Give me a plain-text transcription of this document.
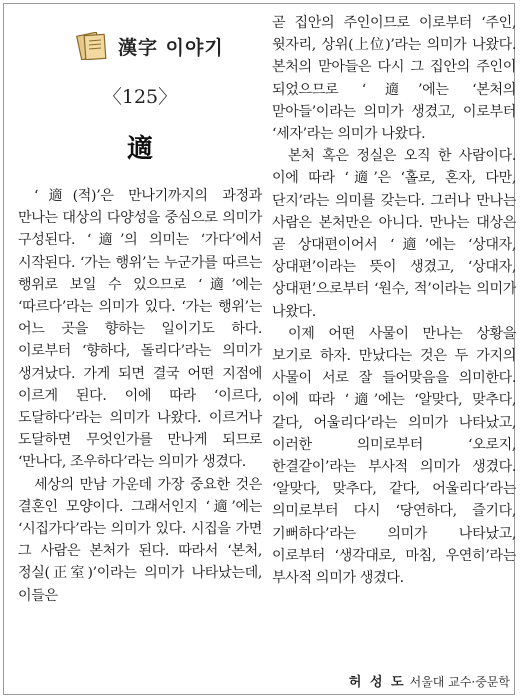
漢字 이야기
〈125〉
適

‘適(적)’은 만나기까지의 과정과 만나는 대상의 다양성을 중심으로 의미가 구성된다. ‘適’의 의미는 ‘가다’에서 시작된다. ‘가는 행위’는 누군가를 따르는 행위로 보일 수 있으므로 ‘適’에는 ‘따르다’라는 의미가 있다. ‘가는 행위’는 어느 곳을 향하는 일이기도 하다. 이로부터 ‘향하다, 돌리다’라는 의미가 생겨났다. 가게 되면 결국 어떤 지점에 이르게 된다. 이에 따라 ‘이르다, 도달하다’라는 의미가 나왔다. 이르거나 도달하면 무엇인가를 만나게 되므로 ‘만나다, 조우하다’라는 의미가 생겼다.

세상의 만남 가운데 가장 중요한 것은 결혼인 모양이다. 그래서인지 ‘適’에는 ‘시집가다’라는 의미가 있다. 시집을 가면 그 사람은 본처가 된다. 따라서 ‘본처, 정실(正室)’이라는 의미가 나타났는데, 이들은

곧 집안의 주인이므로 이로부터 ‘주인, 윗자리, 상위(上位)’라는 의미가 나왔다. 본처의 맏아들은 다시 그 집안의 주인이 되었으므로 ‘適’에는 ‘본처의 맏아들’이라는 의미가 생겼고, 이로부터 ‘세자’라는 의미가 나왔다.

본처 혹은 정실은 오직 한 사람이다. 이에 따라 ‘適’은 ‘홀로, 혼자, 다만, 단지’라는 의미를 갖는다. 그러나 만나는 사람은 본처만은 아니다. 만나는 대상은 곧 상대편이어서 ‘適’에는 ‘상대자, 상대편’이라는 뜻이 생겼고, ‘상대자, 상대편’으로부터 ‘원수, 적’이라는 의미가 나왔다.

이제 어떤 사물이 만나는 상황을 보기로 하자. 만났다는 것은 두 가지의 사물이 서로 잘 들어맞음을 의미한다. 이에 따라 ‘適’에는 ‘알맞다, 맞추다, 같다, 어울리다’라는 의미가 나타났고, 이러한 의미로부터 ‘오로지, 한결같이’라는 부사적 의미가 생겼다. ‘알맞다, 맞추다, 같다, 어울리다’라는 의미로부터 다시 ‘당연하다, 즐기다, 기뻐하다’라는 의미가 나타났고, 이로부터 ‘생각대로, 마침, 우연히’라는 부사적 의미가 생겼다.

허 성 도 서울대 교수·중문학
